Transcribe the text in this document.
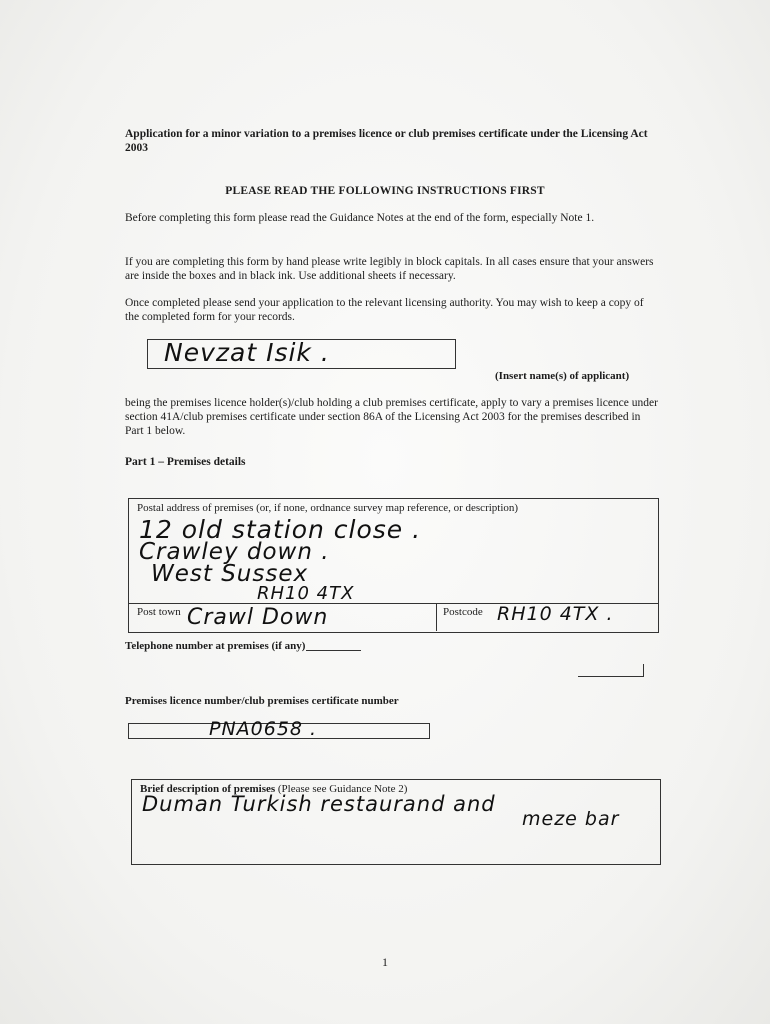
Application for a minor variation to a premises licence or club premises certificate under the Licensing Act 2003
PLEASE READ THE FOLLOWING INSTRUCTIONS FIRST
Before completing this form please read the Guidance Notes at the end of the form, especially Note 1.
If you are completing this form by hand please write legibly in block capitals. In all cases ensure that your answers are inside the boxes and in black ink. Use additional sheets if necessary.
Once completed please send your application to the relevant licensing authority. You may wish to keep a copy of the completed form for your records.
Nevzat Isik .
(Insert name(s) of applicant)
being the premises licence holder(s)/club holding a club premises certificate, apply to vary a premises licence under section 41A/club premises certificate under section 86A of the Licensing Act 2003 for the premises described in Part 1 below.
Part 1 – Premises details
Postal address of premises (or, if none, ordnance survey map reference, or description)
12 old station close .
Crawley down .
West Sussex
RH10 4TX
Post town Crawl Down	Postcode RH10 4TX .
Telephone number at premises (if any)
Premises licence number/club premises certificate number
PNA0658 .
Brief description of premises (Please see Guidance Note 2)
Duman Turkish restaurand and
meze bar
1
